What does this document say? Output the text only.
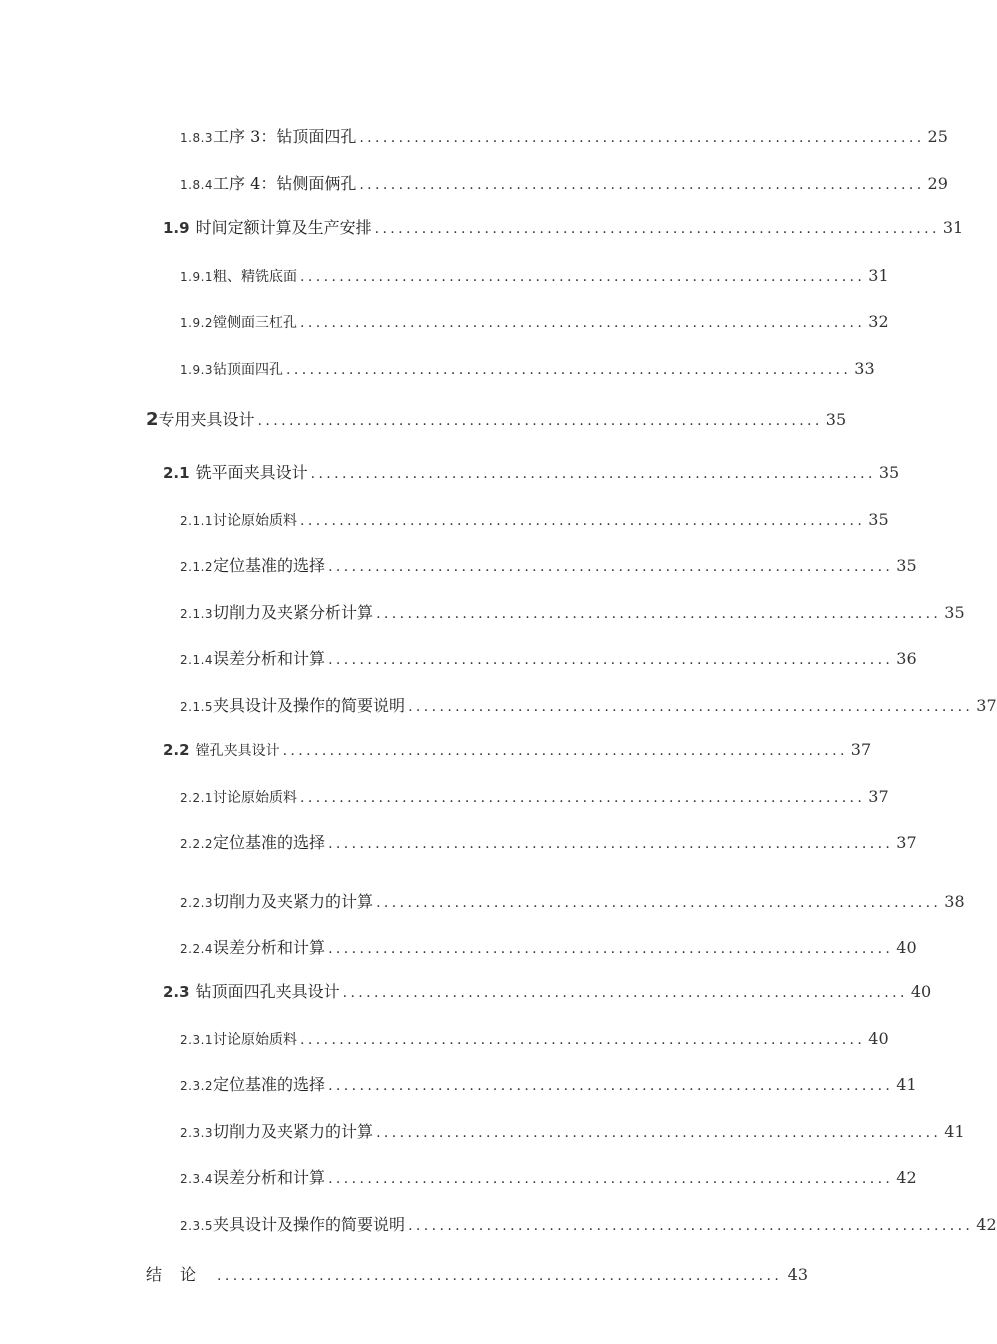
1.8.3 工序 3：钻顶面四孔 ........................................................................ 25
1.8.4 工序 4：钻侧面俩孔 ........................................................................ 29
1.9 时间定额计算及生产安排 ........................................................................ 31
1.9.1 粗、精铣底面 ........................................................................ 31
1.9.2 镗侧面三杠孔 ........................................................................ 32
1.9.3 钻顶面四孔 ........................................................................ 33
2 专用夹具设计 ........................................................................ 35
2.1 铣平面夹具设计 ........................................................................ 35
2.1.1 讨论原始质料 ........................................................................ 35
2.1.2 定位基准的选择 ........................................................................ 35
2.1.3 切削力及夹紧分析计算 ........................................................................ 35
2.1.4 误差分析和计算 ........................................................................ 36
2.1.5 夹具设计及操作的简要说明 ........................................................................ 37
2.2 镗孔夹具设计 ........................................................................ 37
2.2.1 讨论原始质料 ........................................................................ 37
2.2.2 定位基准的选择 ........................................................................ 37
2.2.3 切削力及夹紧力的计算 ........................................................................ 38
2.2.4 误差分析和计算 ........................................................................ 40
2.3 钻顶面四孔夹具设计 ........................................................................ 40
2.3.1 讨论原始质料 ........................................................................ 40
2.3.2 定位基准的选择 ........................................................................ 41
2.3.3 切削力及夹紧力的计算 ........................................................................ 41
2.3.4 误差分析和计算 ........................................................................ 42
2.3.5 夹具设计及操作的简要说明 ........................................................................ 42
结论 ........................................................................ 43
